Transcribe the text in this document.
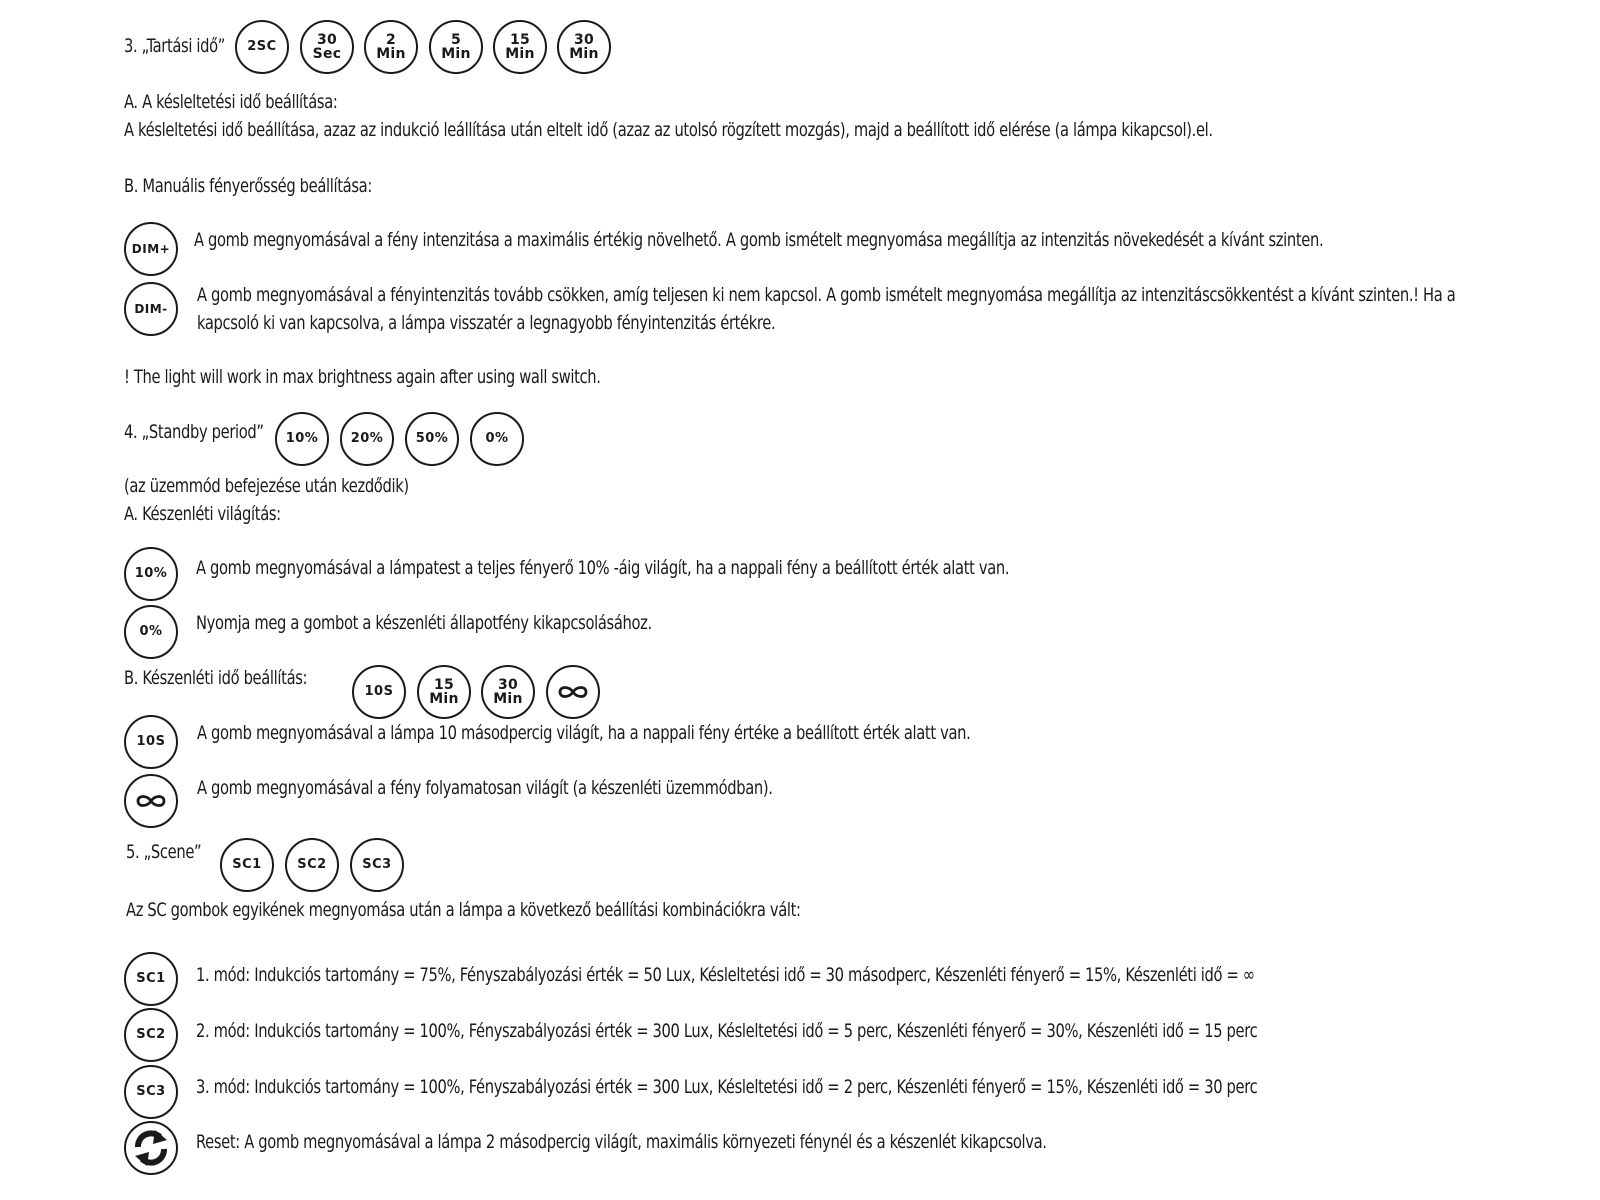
3. „Tartási idő” 2SC	30
Sec
2
Min
5
Min
15
Min
30
Min
A. A késleltetési idő beállítása:
A késleltetési idő beállítása, azaz az indukció leállítása után eltelt idő (azaz az utolsó rögzített mozgás), majd a beállított idő elérése (a lámpa kikapcsol).el.
B. Manuális fényerősség beállítása:
DIM+ A gomb megnyomásával a fény intenzitása a maximális értékig növelhető. A gomb ismételt megnyomása megállítja az intenzitás növekedését a kívánt szinten.
DIM-
A gomb megnyomásával a fényintenzitás tovább csökken, amíg teljesen ki nem kapcsol. A gomb ismételt megnyomása megállítja az intenzitáscsökkentést a kívánt szinten.! Ha a
kapcsoló ki van kapcsolva, a lámpa visszatér a legnagyobb fényintenzitás értékre.
! The light will work in max brightness again after using wall switch.
4. „Standby period” 10% 20% 50%	0%
(az üzemmód befejezése után kezdődik)
A. Készenléti világítás:
10% A gomb megnyomásával a lámpatest a teljes fényerő 10% -áig világít, ha a nappali fény a beállított érték alatt van.
0% Nyomja meg a gombot a készenléti állapotfény kikapcsolásához.
B. Készenléti idő beállítás:
10S	15
Min
30
Min
10S A gomb megnyomásával a lámpa 10 másodpercig világít, ha a nappali fény értéke a beállított érték alatt van.
A gomb megnyomásával a fény folyamatosan világít (a készenléti üzemmódban).
5. „Scene”
SC1	SC2	SC3
Az SC gombok egyikének megnyomása után a lámpa a következő beállítási kombinációkra vált:
SC1 1. mód: Indukciós tartomány = 75%, Fényszabályozási érték = 50 Lux, Késleltetési idő = 30 másodperc, Készenléti fényerő = 15%, Készenléti idő = ∞
SC2 2. mód: Indukciós tartomány = 100%, Fényszabályozási érték = 300 Lux, Késleltetési idő = 5 perc, Készenléti fényerő = 30%, Készenléti idő = 15 perc
SC3 3. mód: Indukciós tartomány = 100%, Fényszabályozási érték = 300 Lux, Késleltetési idő = 2 perc, Készenléti fényerő = 15%, Készenléti idő = 30 perc
Reset: A gomb megnyomásával a lámpa 2 másodpercig világít, maximális környezeti fénynél és a készenlét kikapcsolva.
